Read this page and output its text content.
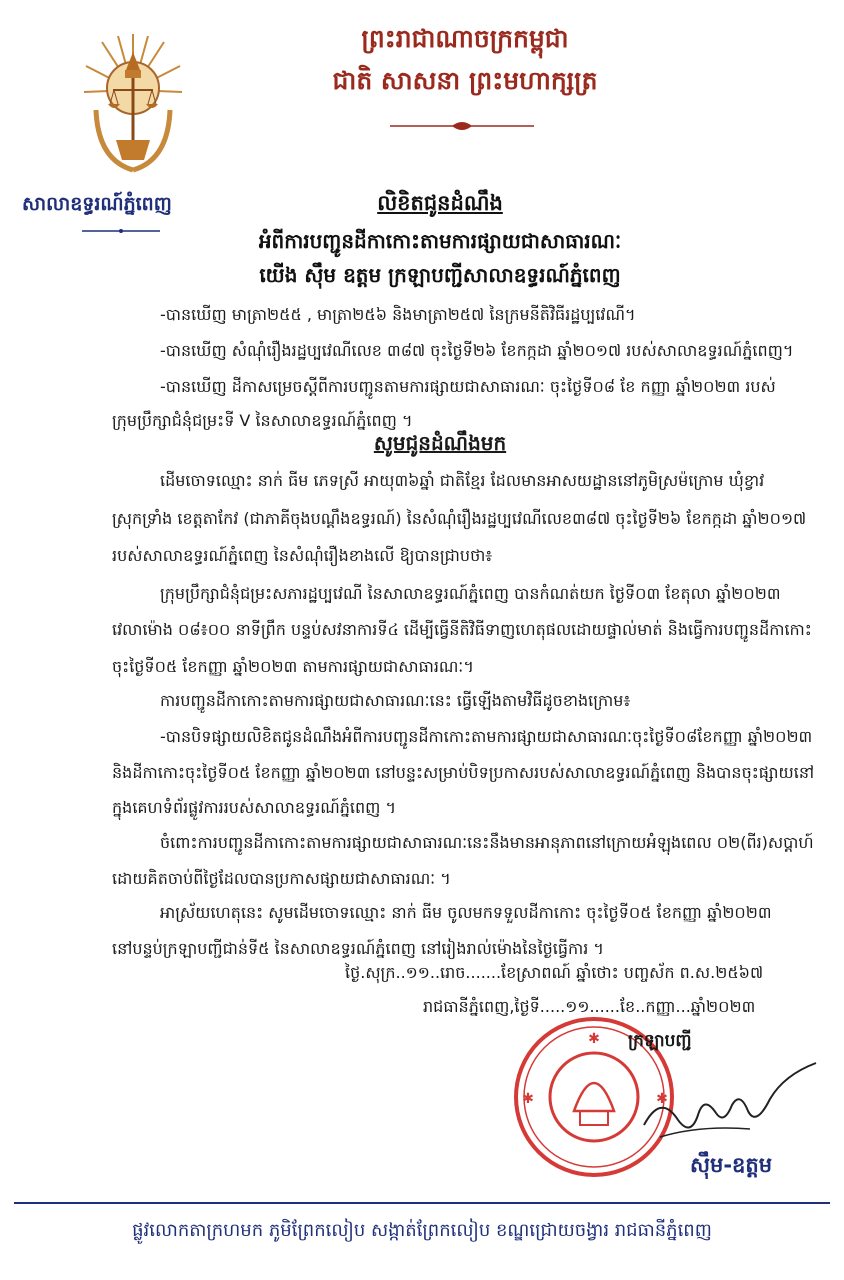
សាលាឧទ្ធរណ៍ភ្នំពេញ
ព្រះរាជាណាចក្រកម្ពុជា
ជាតិ សាសនា ព្រះមហាក្សត្រ
លិខិតជូនដំណឹង
អំពីការបញ្ជូនដីកាកោះតាមការផ្សាយជាសាធារណៈ
យើង ស៊ឹម ឧត្តម ក្រឡាបញ្ជីសាលាឧទ្ធរណ៍ភ្នំពេញ
-បានឃើញ មាត្រា២៥៥ , មាត្រា២៥៦ និងមាត្រា២៥៧ នៃក្រមនីតិវិធីរដ្ឋប្បវេណី។
-បានឃើញ សំណុំរឿងរដ្ឋប្បវេណីលេខ ៣៨៧ ចុះថ្ងៃទី២៦ ខែកក្កដា ឆ្នាំ២០១៧ របស់សាលាឧទ្ធរណ៍ភ្នំពេញ។
-បានឃើញ ដីកាសម្រេចស្តីពីការបញ្ជូនតាមការផ្សាយជាសាធារណៈ ចុះថ្ងៃទី០៨ ខែ កញ្ញា ឆ្នាំ២០២៣ របស់
ក្រុមប្រឹក្សាជំនុំជម្រះទី V នៃសាលាឧទ្ធរណ៍ភ្នំពេញ ។
សូមជូនដំណឹងមក
ដើមចោទឈ្មោះ នាក់ ធីម ភេទស្រី អាយុ៣៦ឆ្នាំ ជាតិខ្មែរ ដែលមានអាសយដ្ឋាននៅភូមិស្រម៉ក្រោម ឃុំខ្វាវ
ស្រុកទ្រាំង ខេត្តតាកែវ (ជាភាគីចុងបណ្តឹងឧទ្ធរណ៍) នៃសំណុំរឿងរដ្ឋប្បវេណីលេខ៣៨៧ ចុះថ្ងៃទី២៦ ខែកក្កដា ឆ្នាំ២០១៧
របស់សាលាឧទ្ធរណ៍ភ្នំពេញ នៃសំណុំរឿងខាងលើ ឱ្យបានជ្រាបថា៖
ក្រុមប្រឹក្សាជំនុំជម្រះសភារដ្ឋប្បវេណី នៃសាលាឧទ្ធរណ៍ភ្នំពេញ បានកំណត់យក ថ្ងៃទី០៣ ខែតុលា ឆ្នាំ២០២៣
វេលាម៉ោង ០៨៖០០ នាទីព្រឹក បន្ទប់សវនាការទី៤ ដើម្បីធ្វើនីតិវិធីទាញហេតុផលដោយផ្ទាល់មាត់ និងធ្វើការបញ្ជូនដីកាកោះ
ចុះថ្ងៃទី០៥ ខែកញ្ញា ឆ្នាំ២០២៣ តាមការផ្សាយជាសាធារណៈ។
ការបញ្ជូនដីកាកោះតាមការផ្សាយជាសាធារណៈនេះ ធ្វើឡើងតាមវិធីដូចខាងក្រោម៖
-បានបិទផ្សាយលិខិតជូនដំណឹងអំពីការបញ្ជូនដីកាកោះតាមការផ្សាយជាសាធារណៈចុះថ្ងៃទី០៨ខែកញ្ញា ឆ្នាំ២០២៣
និងដីកាកោះចុះថ្ងៃទី០៥ ខែកញ្ញា ឆ្នាំ២០២៣ នៅបន្ទះសម្រាប់បិទប្រកាសរបស់សាលាឧទ្ធរណ៍ភ្នំពេញ និងបានចុះផ្សាយនៅ
ក្នុងគេហទំព័រផ្លូវការរបស់សាលាឧទ្ធរណ៍ភ្នំពេញ ។
ចំពោះការបញ្ជូនដីកាកោះតាមការផ្សាយជាសាធារណៈនេះនឹងមានអានុភាពនៅក្រោយអំឡុងពេល ០២(ពីរ)សប្តាហ៍
ដោយគិតចាប់ពីថ្ងៃដែលបានប្រកាសផ្សាយជាសាធារណៈ ។
អាស្រ័យហេតុនេះ សូមដើមចោទឈ្មោះ នាក់ ធីម ចូលមកទទួលដីកាកោះ ចុះថ្ងៃទី០៥ ខែកញ្ញា ឆ្នាំ២០២៣
នៅបន្ទប់ក្រឡាបញ្ជីជាន់ទី៥ នៃសាលាឧទ្ធរណ៍ភ្នំពេញ នៅរៀងរាល់ម៉ោងនៃថ្ងៃធ្វើការ ។
ថ្ងៃ.សុក្រ..១១..រោច.......ខែស្រាពណ៍ ឆ្នាំថោះ បញ្ចស័ក ព.ស.២៥៦៧
រាជធានីភ្នំពេញ,ថ្ងៃទី.....១១......ខែ..កញ្ញា...ឆ្នាំ២០២៣
✱
✱
✱
ក្រឡាបញ្ជី
ស៊ឹម-ឧត្តម
ផ្លូវលោកតាក្រហមក ភូមិព្រែកលៀប សង្កាត់ព្រែកលៀប ខណ្ឌជ្រោយចង្វារ រាជធានីភ្នំពេញ
